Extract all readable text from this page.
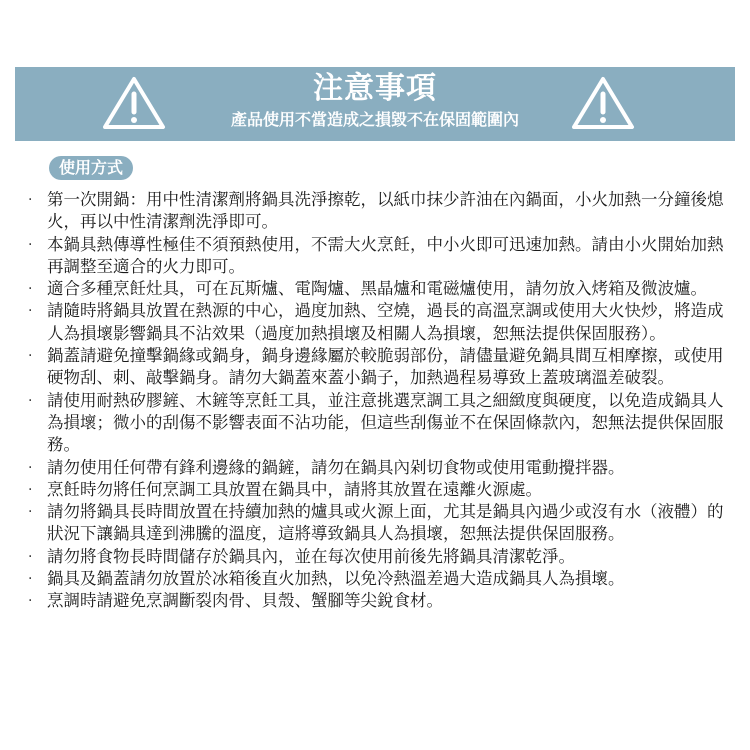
注意事項
產品使用不當造成之損毀不在保固範圍內
使用方式
· 第一次開鍋：用中性清潔劑將鍋具洗淨擦乾，以紙巾抹少許油在內鍋面，小火加熱一分鐘後熄火，再以中性清潔劑洗淨即可。
· 本鍋具熱傳導性極佳不須預熱使用，不需大火烹飪，中小火即可迅速加熱。請由小火開始加熱再調整至適合的火力即可。
· 適合多種烹飪灶具，可在瓦斯爐、電陶爐、黑晶爐和電磁爐使用，請勿放入烤箱及微波爐。
· 請隨時將鍋具放置在熱源的中心，過度加熱、空燒，過長的高溫烹調或使用大火快炒，將造成人為損壞影響鍋具不沾效果（過度加熱損壞及相關人為損壞，恕無法提供保固服務）。
· 鍋蓋請避免撞擊鍋緣或鍋身，鍋身邊緣屬於較脆弱部份，請儘量避免鍋具間互相摩擦，或使用硬物刮、刺、敲擊鍋身。請勿大鍋蓋來蓋小鍋子，加熱過程易導致上蓋玻璃溫差破裂。
· 請使用耐熱矽膠鏟、木鏟等烹飪工具，並注意挑選烹調工具之細緻度與硬度，以免造成鍋具人為損壞；微小的刮傷不影響表面不沾功能，但這些刮傷並不在保固條款內，恕無法提供保固服務。
· 請勿使用任何帶有鋒利邊緣的鍋鏟，請勿在鍋具內剁切食物或使用電動攪拌器。
· 烹飪時勿將任何烹調工具放置在鍋具中，請將其放置在遠離火源處。
· 請勿將鍋具長時間放置在持續加熱的爐具或火源上面，尤其是鍋具內過少或沒有水（液體）的狀況下讓鍋具達到沸騰的溫度，這將導致鍋具人為損壞，恕無法提供保固服務。
· 請勿將食物長時間儲存於鍋具內，並在每次使用前後先將鍋具清潔乾淨。
· 鍋具及鍋蓋請勿放置於冰箱後直火加熱，以免冷熱溫差過大造成鍋具人為損壞。
· 烹調時請避免烹調斷裂肉骨、貝殼、蟹腳等尖銳食材。
